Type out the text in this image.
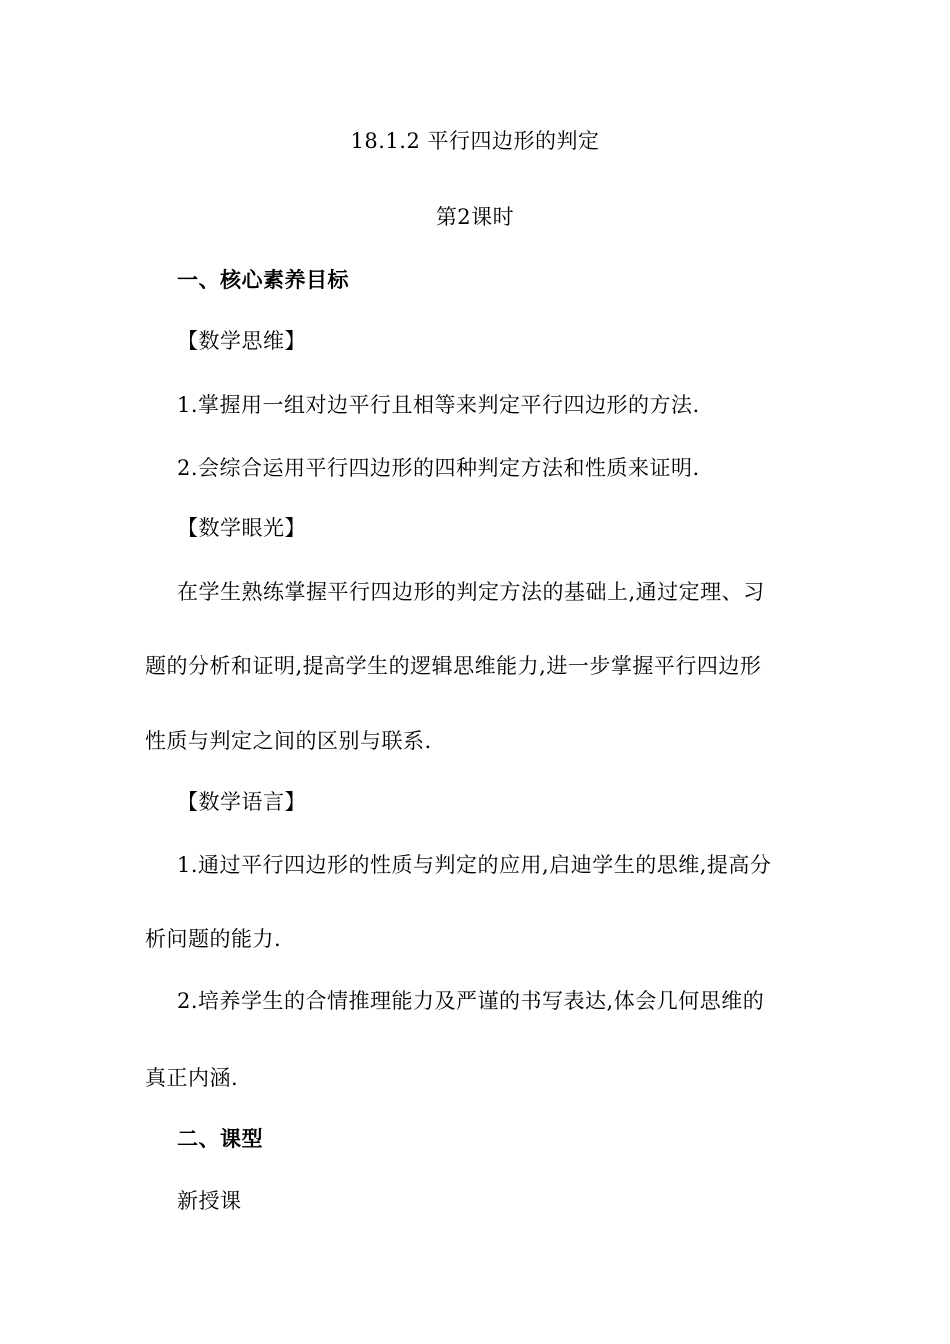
18.1.2 平行四边形的判定
第2课时
一、核心素养目标
【数学思维】
1.掌握用一组对边平行且相等来判定平行四边形的方法.
2.会综合运用平行四边形的四种判定方法和性质来证明.
【数学眼光】
在学生熟练掌握平行四边形的判定方法的基础上,通过定理、习
题的分析和证明,提高学生的逻辑思维能力,进一步掌握平行四边形
性质与判定之间的区别与联系.
【数学语言】
1.通过平行四边形的性质与判定的应用,启迪学生的思维,提高分
析问题的能力.
2.培养学生的合情推理能力及严谨的书写表达,体会几何思维的
真正内涵.
二、课型
新授课
